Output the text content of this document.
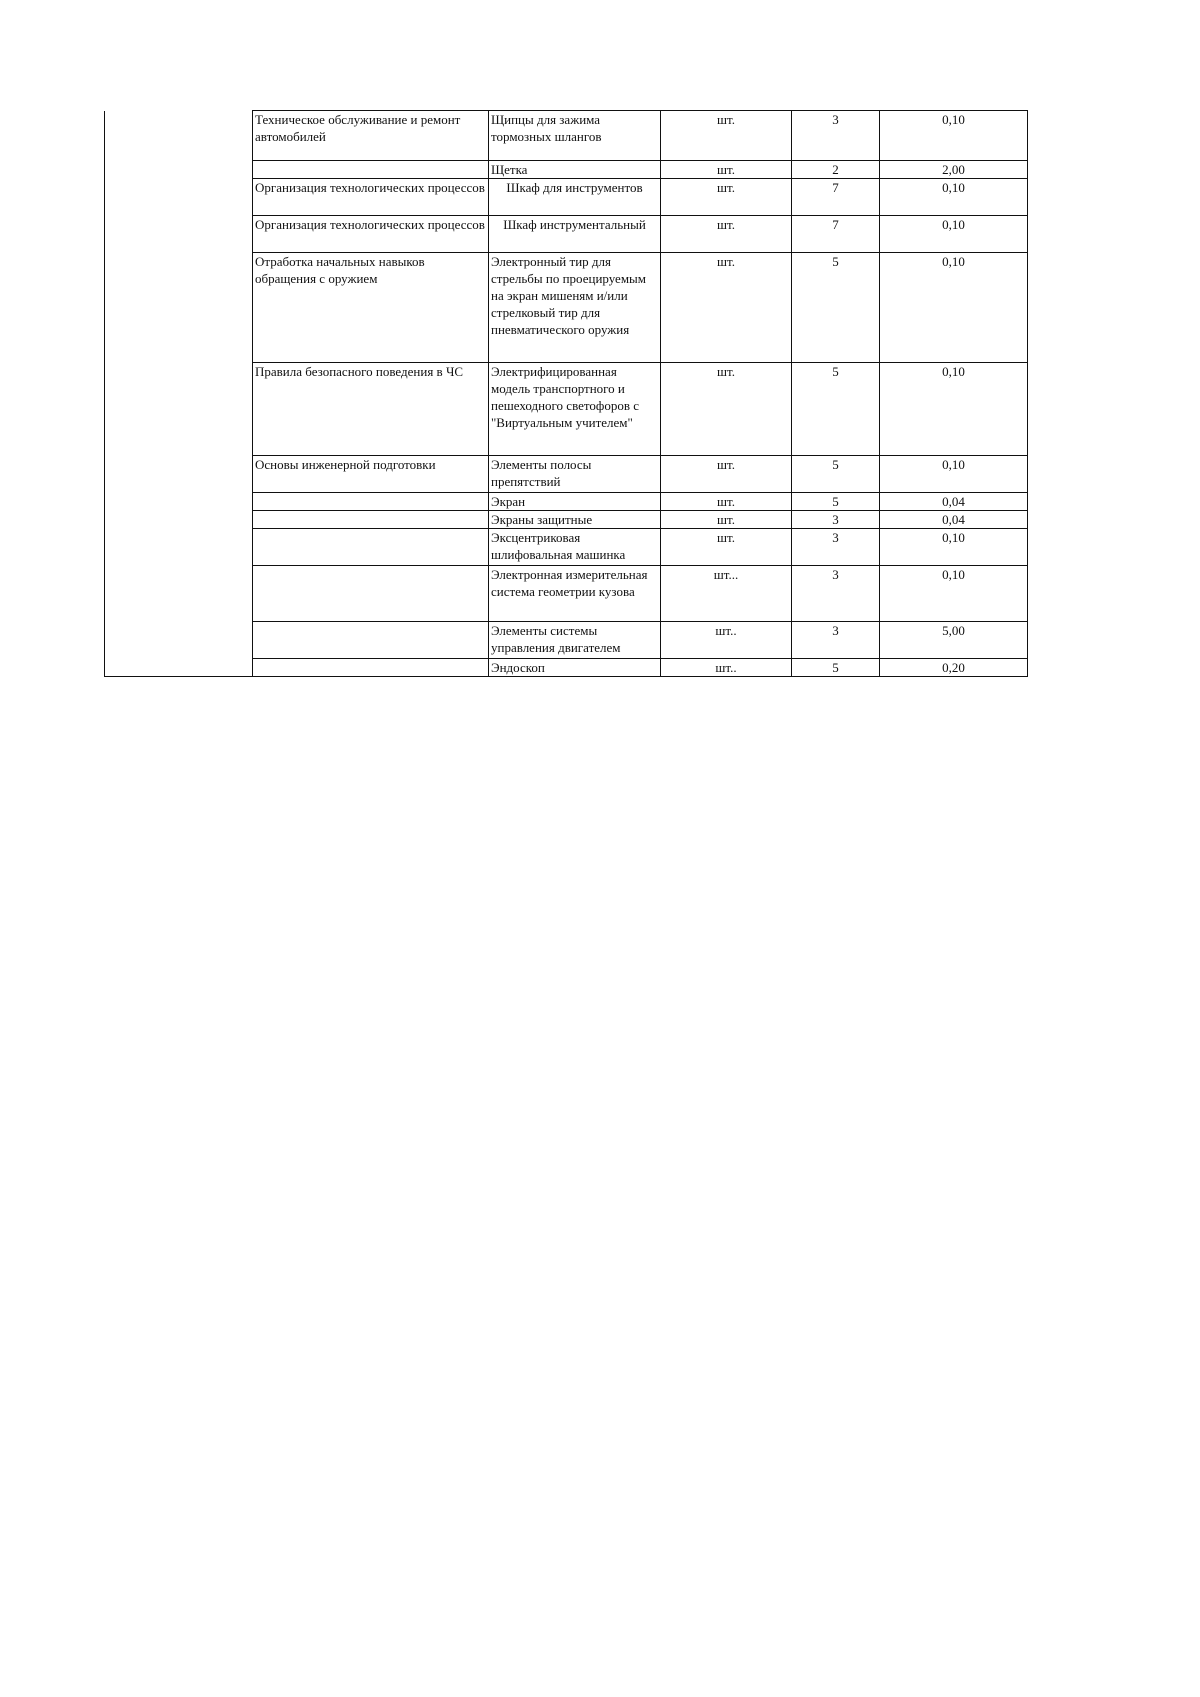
	Техническое обслуживание и ремонт автомобилей	Щипцы для зажима тормозных шлангов	шт.	3	0,10
		Щетка	шт.	2	2,00
	Организация технологических процессов	Шкаф для инструментов	шт.	7	0,10
	Организация технологических процессов	Шкаф инструментальный	шт.	7	0,10
	Отработка начальных навыков обращения с оружием	Электронный тир для стрельбы по проецируемым на экран мишеням и/или стрелковый тир для пневматического оружия	шт.	5	0,10
	Правила безопасного поведения в ЧС	Электрифицированная модель транспортного и пешеходного светофоров с "Виртуальным учителем"	шт.	5	0,10
	Основы инженерной подготовки	Элементы полосы препятствий	шт.	5	0,10
		Экран	шт.	5	0,04
		Экраны защитные	шт.	3	0,04
		Эксцентриковая шлифовальная машинка	шт.	3	0,10
		Электронная измерительная система геометрии кузова	шт...	3	0,10
		Элементы системы управления двигателем	шт..	3	5,00
		Эндоскоп	шт..	5	0,20
